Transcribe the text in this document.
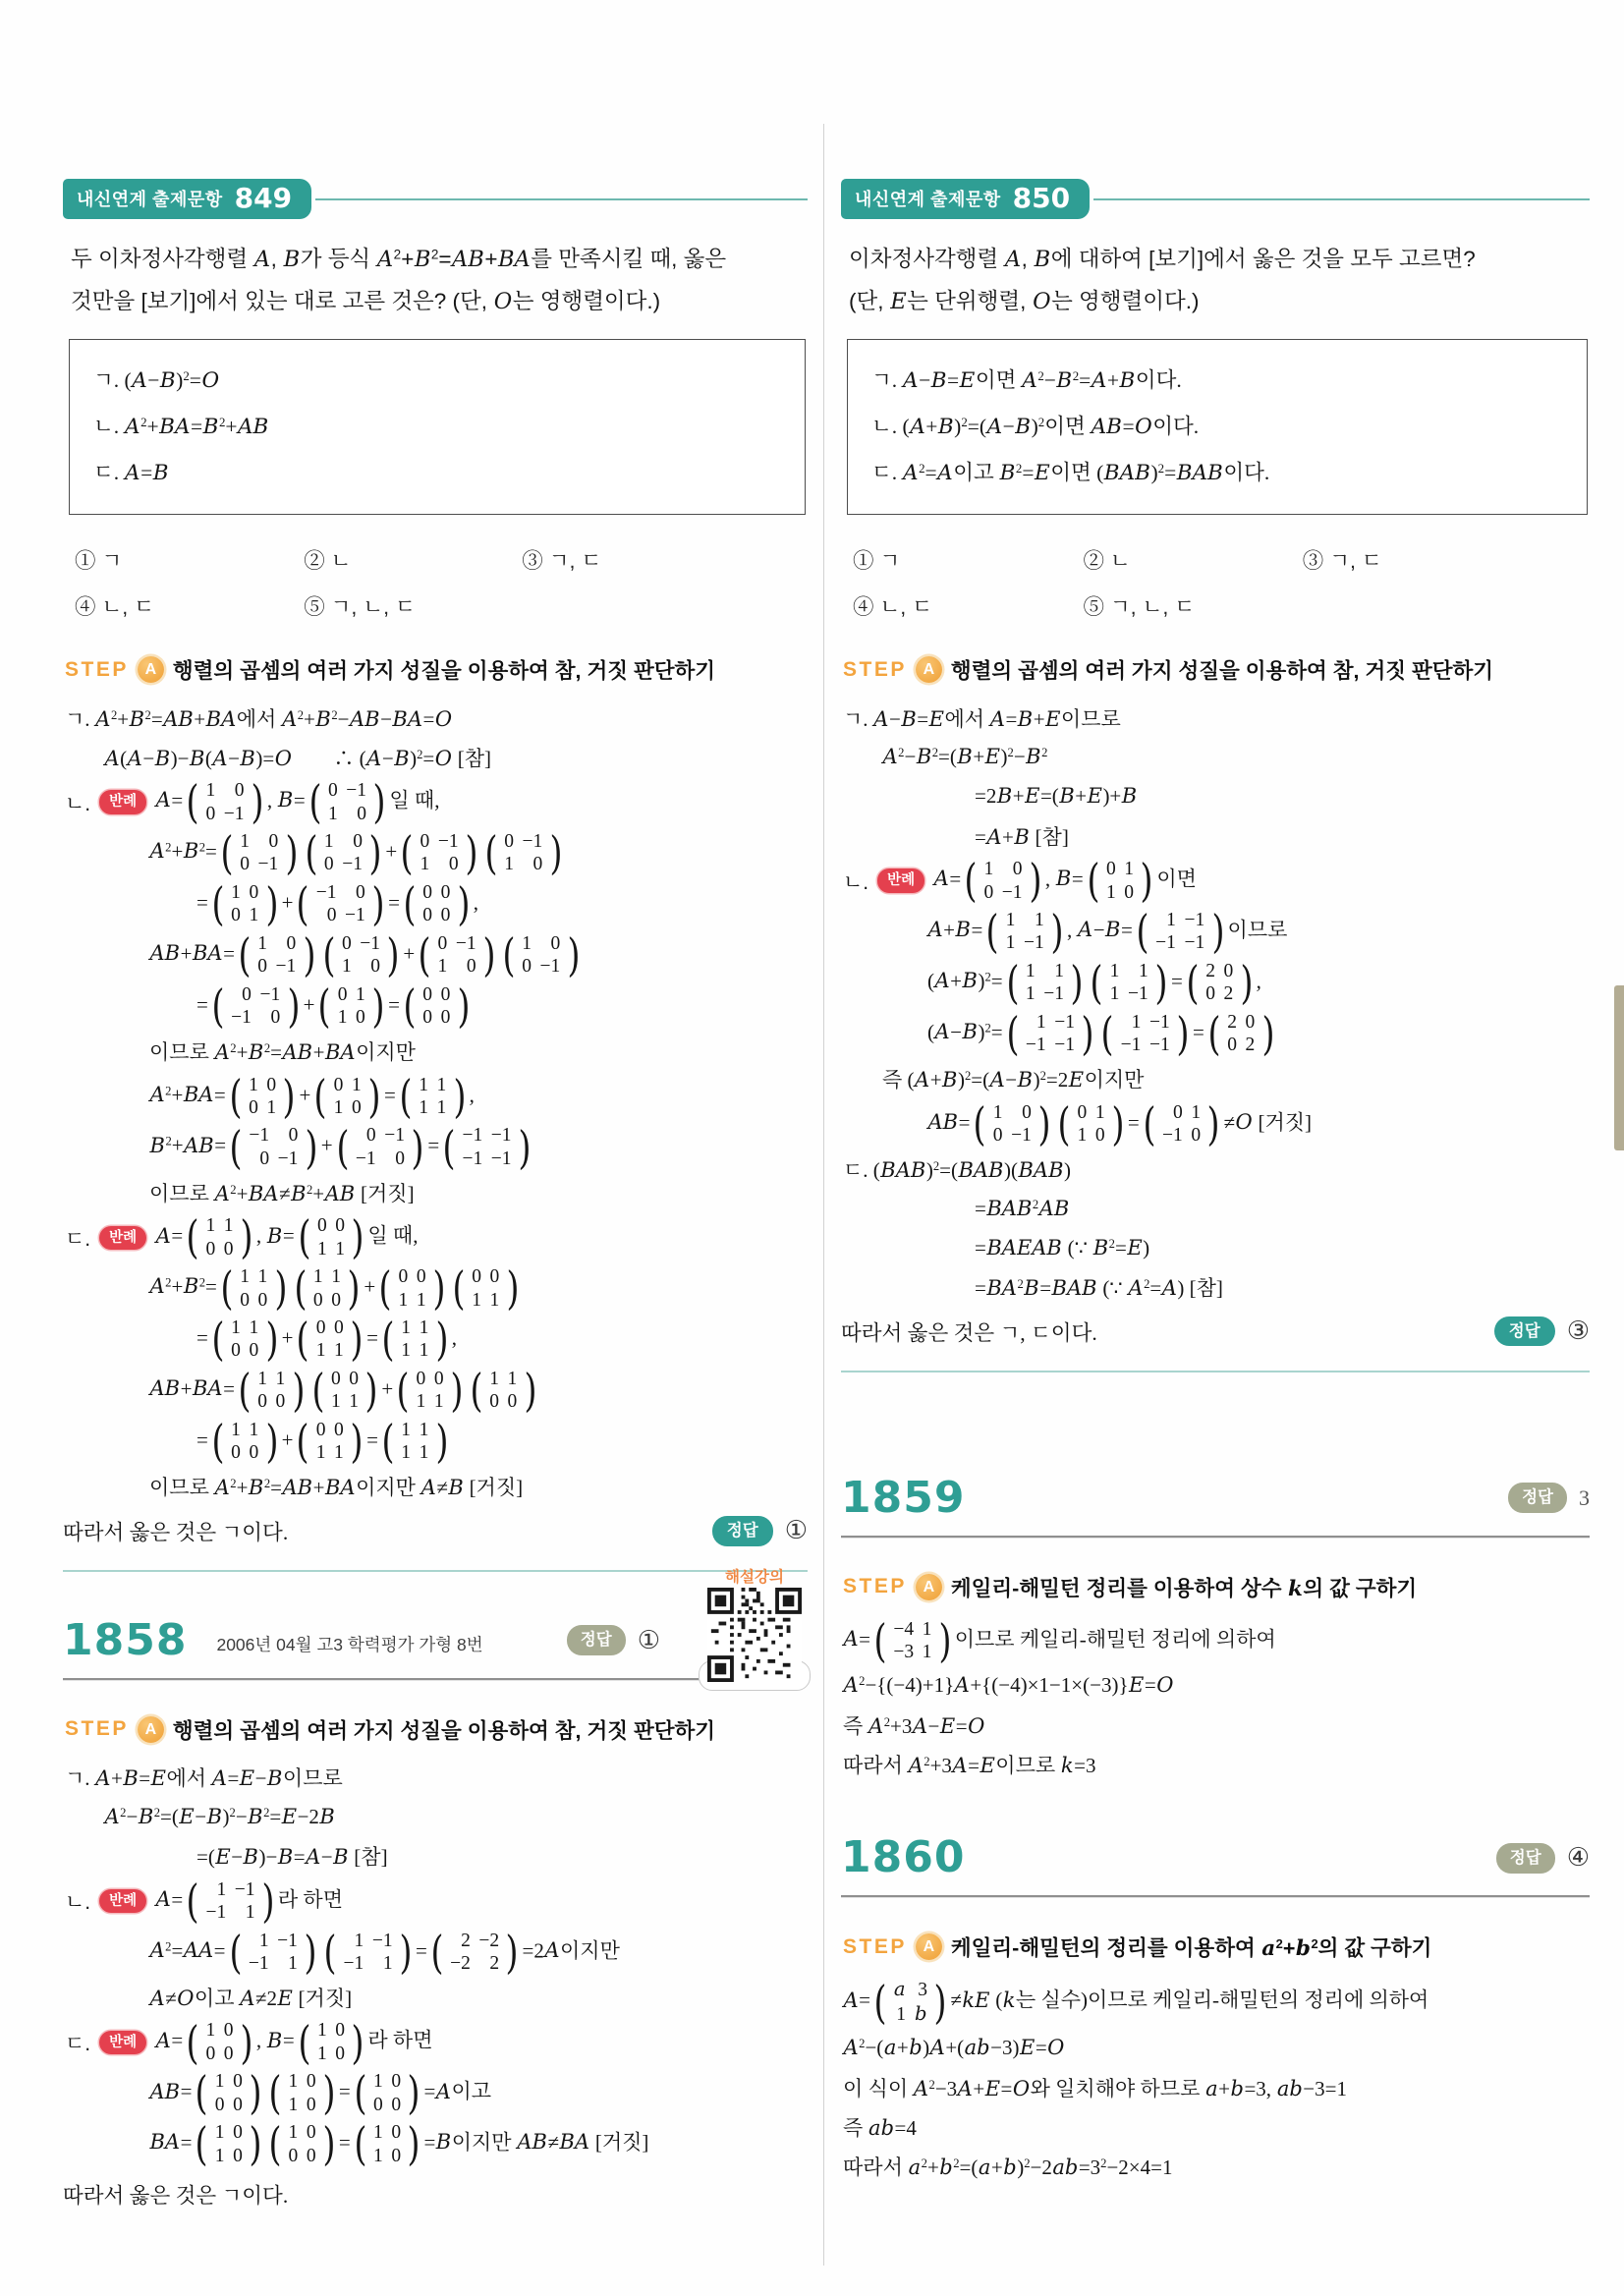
내신연계 출제문항 849
두 이차정사각행렬 A, B가 등식 $A^2+B^2=AB+BA$를 만족시킬 때, 옳은
것만을 [보기]에서 있는 대로 고른 것은? (단, O는 영행렬이다.)
ㄱ. $(A-B)^2=O$
ㄴ. $A^2+BA=B^2+AB$
ㄷ. A=B
① ㄱ	② ㄴ	③ ㄱ, ㄷ
④ ㄴ, ㄷ	⑤ ㄱ, ㄴ, ㄷ
STEP	A 행렬의 곱셈의 여러 가지 성질을 이용하여 참, 거짓 판단하기
ㄱ. $A^2+B^2=AB+BA$에서 $A^2+B^2-AB-BA=O$
A(A−B)−B(A−B)=O　　∴ $(A-B)^2=O$ [참]
ㄴ.	반례 A= ( 1	0
0	−1 ) , B= ( 0	−1
1	0 ) 일 때,
$A^2+B^2=$ ( 1	0
0	−1 ) ( 1	0
0	−1 ) + ( 0	−1
1	0 ) ( 0	−1
1	0 )
= ( 1	0
0	1 ) + ( −1	0
0	−1 ) = ( 0	0
0	0 ) ,
AB+BA= ( 1	0
0	−1 ) ( 0	−1
1	0 ) + ( 0	−1
1	0 ) ( 1	0
0	−1 )
= ( 0	−1
−1	0 ) + ( 0	1
1	0 ) = ( 0	0
0	0 )
이므로 $A^2+B^2=AB+BA$이지만
$A^2+BA=$ ( 1	0
0	1 ) + ( 0	1
1	0 ) = ( 1	1
1	1 ) ,
$B^2+AB=$ ( −1	0
0	−1 ) + ( 0	−1
−1	0 ) = ( −1	−1
−1	−1 )
이므로 $A^2+BA\ne B^2+AB$ [거짓]
ㄷ.	반례 A= ( 1	1
0	0 ) , B= ( 0	0
1	1 ) 일 때,
$A^2+B^2=$ ( 1	1
0	0 ) ( 1	1
0	0 ) + ( 0	0
1	1 ) ( 0	0
1	1 )
= ( 1	1
0	0 ) + ( 0	0
1	1 ) = ( 1	1
1	1 ) ,
AB+BA= ( 1	1
0	0 ) ( 0	0
1	1 ) + ( 0	0
1	1 ) ( 1	1
0	0 )
= ( 1	1
0	0 ) + ( 0	0
1	1 ) = ( 1	1
1	1 )
이므로 $A^2+B^2=AB+BA$이지만 A≠B [거짓]
따라서 옳은 것은 ㄱ이다.	정답	①
1858 2006년 04월 고3 학력평가 가형 8번	정답	①
해설강의
STEP	A 행렬의 곱셈의 여러 가지 성질을 이용하여 참, 거짓 판단하기
ㄱ. A+B=E에서 A=E−B이므로
$A^2-B^2=(E-B)^2-B^2=E-2B$
=(E−B)−B=A−B [참]
ㄴ.	반례 A= ( 1	−1
−1	1 ) 라 하면
$A^2=AA=$ ( 1	−1
−1	1 ) ( 1	−1
−1	1 ) = ( 2	−2
−2	2 ) =2A이지만
A≠O이고 A≠2E [거짓]
ㄷ.	반례 A= ( 1	0
0	0 ) , B= ( 1	0
1	0 ) 라 하면
AB= ( 1	0
0	0 ) ( 1	0
1	0 ) = ( 1	0
0	0 ) =A이고
BA= ( 1	0
1	0 ) ( 1	0
0	0 ) = ( 1	0
1	0 ) =B이지만 AB≠BA [거짓]
따라서 옳은 것은 ㄱ이다.
내신연계 출제문항 850
이차정사각행렬 A, B에 대하여 [보기]에서 옳은 것을 모두 고르면?
(단, E는 단위행렬, O는 영행렬이다.)
ㄱ. A−B=E이면 $A^2-B^2=A+B$이다.
ㄴ. $(A+B)^2=(A-B)^2$이면 AB=O이다.
ㄷ. $A^2=A$이고 $B^2=E$이면 (BAB)$^2$=BAB이다.
① ㄱ	② ㄴ	③ ㄱ, ㄷ
④ ㄴ, ㄷ	⑤ ㄱ, ㄴ, ㄷ
STEP	A 행렬의 곱셈의 여러 가지 성질을 이용하여 참, 거짓 판단하기
ㄱ. A−B=E에서 A=B+E이므로
$A^2-B^2=(B+E)^2-B^2$
=2B+E=(B+E)+B
=A+B [참]
ㄴ.	반례 A= ( 1	0
0	−1 ) , B= ( 0	1
1	0 ) 이면
A+B= ( 1	1
1	−1 ) , A−B= ( 1	−1
−1	−1 ) 이므로
$(A+B)^2=$ ( 1	1
1	−1 ) ( 1	1
1	−1 ) = ( 2	0
0	2 ) ,
$(A-B)^2=$ ( 1	−1
−1	−1 ) ( 1	−1
−1	−1 ) = ( 2	0
0	2 )
즉 $(A+B)^2=(A-B)^2=2E$이지만
AB= ( 1	0
0	−1 ) ( 0	1
1	0 ) = ( 0	1
−1	0 ) ≠O [거짓]
ㄷ. (BAB)$^2$=(BAB)(BAB)
$=BAB^2AB$
=BAEAB (∵ $B^2=E$)
$=BA^2B=BAB$ (∵ $A^2=A$) [참]
따라서 옳은 것은 ㄱ, ㄷ이다.	정답	③
1859	정답	3
STEP	A 케일리-해밀턴 정리를 이용하여 상수 k의 값 구하기
A= ( −4	1
−3	1 ) 이므로 케일리-해밀턴 정리에 의하여
$A^2-\{(-4)+1\}A+\{(-4)\times 1-1\times(-3)\}E=O$
즉 $A^2+3A-E=O$
따라서 $A^2+3A=E$이므로 k=3
1860	정답	④
STEP	A 케일리-해밀턴의 정리를 이용하여 $a^2+b^2$의 값 구하기
A= ( a	3
1	b ) ≠kE (k는 실수)이므로 케일리-해밀턴의 정리에 의하여
$A^2-(a+b)A+(ab-3)E=O$
이 식이 $A^2-3A+E=O$와 일치해야 하므로 a+b=3, ab−3=1
즉 ab=4
따라서 $a^2+b^2=(a+b)^2-2ab=3^2-2\times 4=1$
